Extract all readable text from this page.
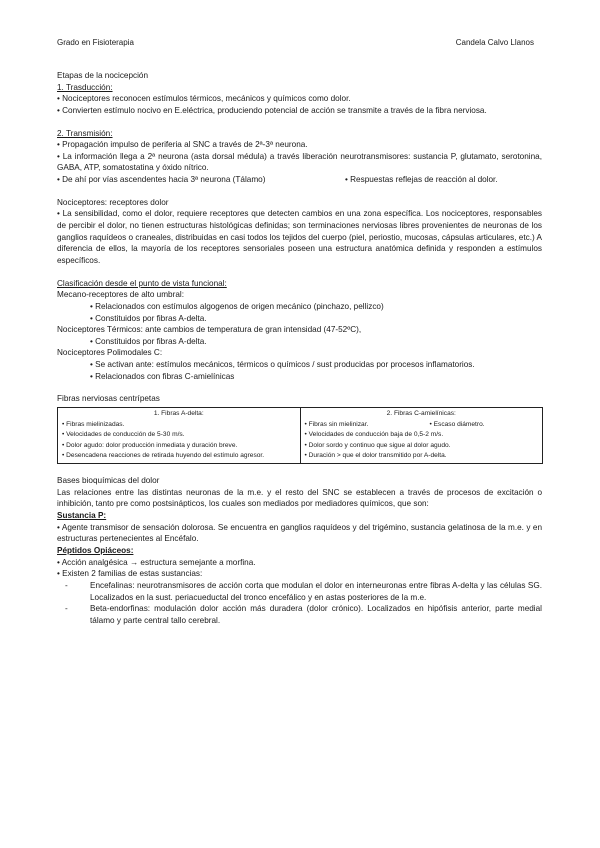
Grado en Fisioterapia	Candela Calvo Llanos

Etapas de la nocicepción

1. Trasducción:

• Nociceptores reconocen estímulos térmicos, mecánicos y químicos como dolor.

• Convierten estímulo nocivo en E.eléctrica, produciendo potencial de acción se transmite a través de la fibra nerviosa.

2. Transmisión:

• Propagación impulso de periferia al SNC a través de 2ª-3ª neurona.

• La información llega a 2ª neurona (asta dorsal médula) a través liberación neurotransmisores: sustancia P, glutamato, serotonina, GABA, ATP, somatostatina y óxido nítrico.

• De ahí por vías ascendentes hacia 3ª neurona (Tálamo)	• Respuestas reflejas de reacción al dolor.

Nociceptores: receptores dolor

• La sensibilidad, como el dolor, requiere receptores que detecten cambios en una zona específica. Los nociceptores, responsables de percibir el dolor, no tienen estructuras histológicas definidas; son terminaciones nerviosas libres provenientes de neuronas de los ganglios raquídeos o craneales, distribuidas en casi todos los tejidos del cuerpo (piel, periostio, mucosas, cápsulas articulares, etc.) A diferencia de ellos, la mayoría de los receptores sensoriales poseen una estructura anatómica definida y responden a estímulos específicos.

Clasificación desde el punto de vista funcional:

Mecano-receptores de alto umbral:

• Relacionados con estímulos algogenos de origen mecánico (pinchazo, pellizco)

• Constituidos por fibras A-delta.

Nociceptores Térmicos: ante cambios de temperatura de gran intensidad (47-52ºC),

• Constituidos por fibras A-delta.

Nociceptores Polimodales C:

• Se activan ante: estímulos mecánicos, térmicos o químicos / sust producidas por procesos inflamatorios.

• Relacionados con fibras C-amielínicas

Fibras nerviosas centrípetas

1. Fibras A-delta:
• Fibras mielinizadas.
• Velocidades de conducción de 5-30 m/s.
• Dolor agudo: dolor producción inmediata y duración breve.
• Desencadena reacciones de retirada huyendo del estímulo agresor.

2. Fibras C-amielínicas:
• Fibras sin mielinizar.	• Escaso diámetro.
• Velocidades de conducción baja de 0,5-2 m/s.
• Dolor sordo y continuo que sigue al dolor agudo.
• Duración > que el dolor transmitido por A-delta.

Bases bioquímicas del dolor

Las relaciones entre las distintas neuronas de la m.e. y el resto del SNC se establecen a través de procesos de excitación o inhibición, tanto pre como postsinápticos, los cuales son mediados por mediadores químicos, que son:

Sustancia P:

• Agente transmisor de sensación dolorosa. Se encuentra en ganglios raquídeos y del trigémino, sustancia gelatinosa de la m.e. y en estructuras pertenecientes al Encéfalo.

Péptidos Opiáceos:

• Acción analgésica → estructura semejante a morfina.

• Existen 2 familias de estas sustancias:

-	Encefalinas: neurotransmisores de acción corta que modulan el dolor en interneuronas entre fibras A-delta y las células SG. Localizados en la sust. periacueductal del tronco encefálico y en astas posteriores de la m.e.
-	Beta-endorfinas: modulación dolor acción más duradera (dolor crónico). Localizados en hipófisis anterior, parte medial tálamo y parte central tallo cerebral.
